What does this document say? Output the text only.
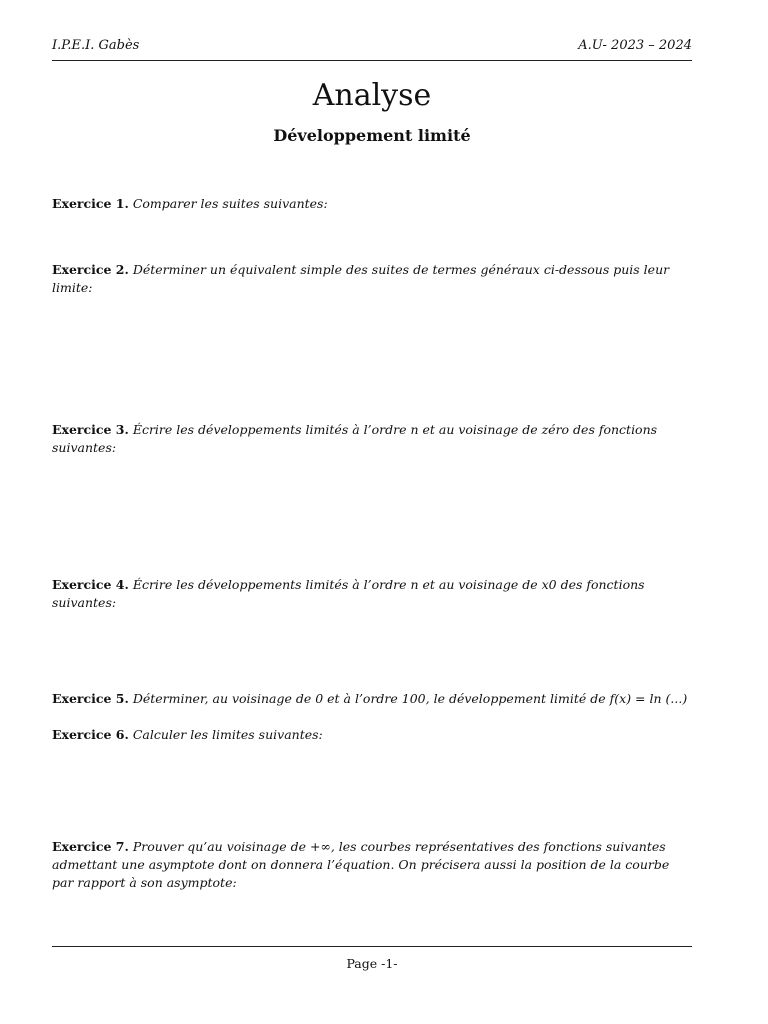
I.P.E.I. Gabès	A.U- 2023 – 2024
Analyse
Développement limité
Exercice 1. Comparer les suites suivantes:
Exercice 2. Déterminer un équivalent simple des suites de termes généraux ci-dessous puis leur limite:
Exercice 3. Écrire les développements limités à l’ordre n et au voisinage de zéro des fonctions suivantes:
Exercice 4. Écrire les développements limités à l’ordre n et au voisinage de x0 des fonctions suivantes:
Exercice 5. Déterminer, au voisinage de 0 et à l’ordre 100, le développement limité de f(x) = ln (...)
Exercice 6. Calculer les limites suivantes:
Exercice 7. Prouver qu’au voisinage de +∞, les courbes représentatives des fonctions suivantes admettant une asymptote dont on donnera l’équation. On précisera aussi la position de la courbe par rapport à son asymptote:
Page -1-
